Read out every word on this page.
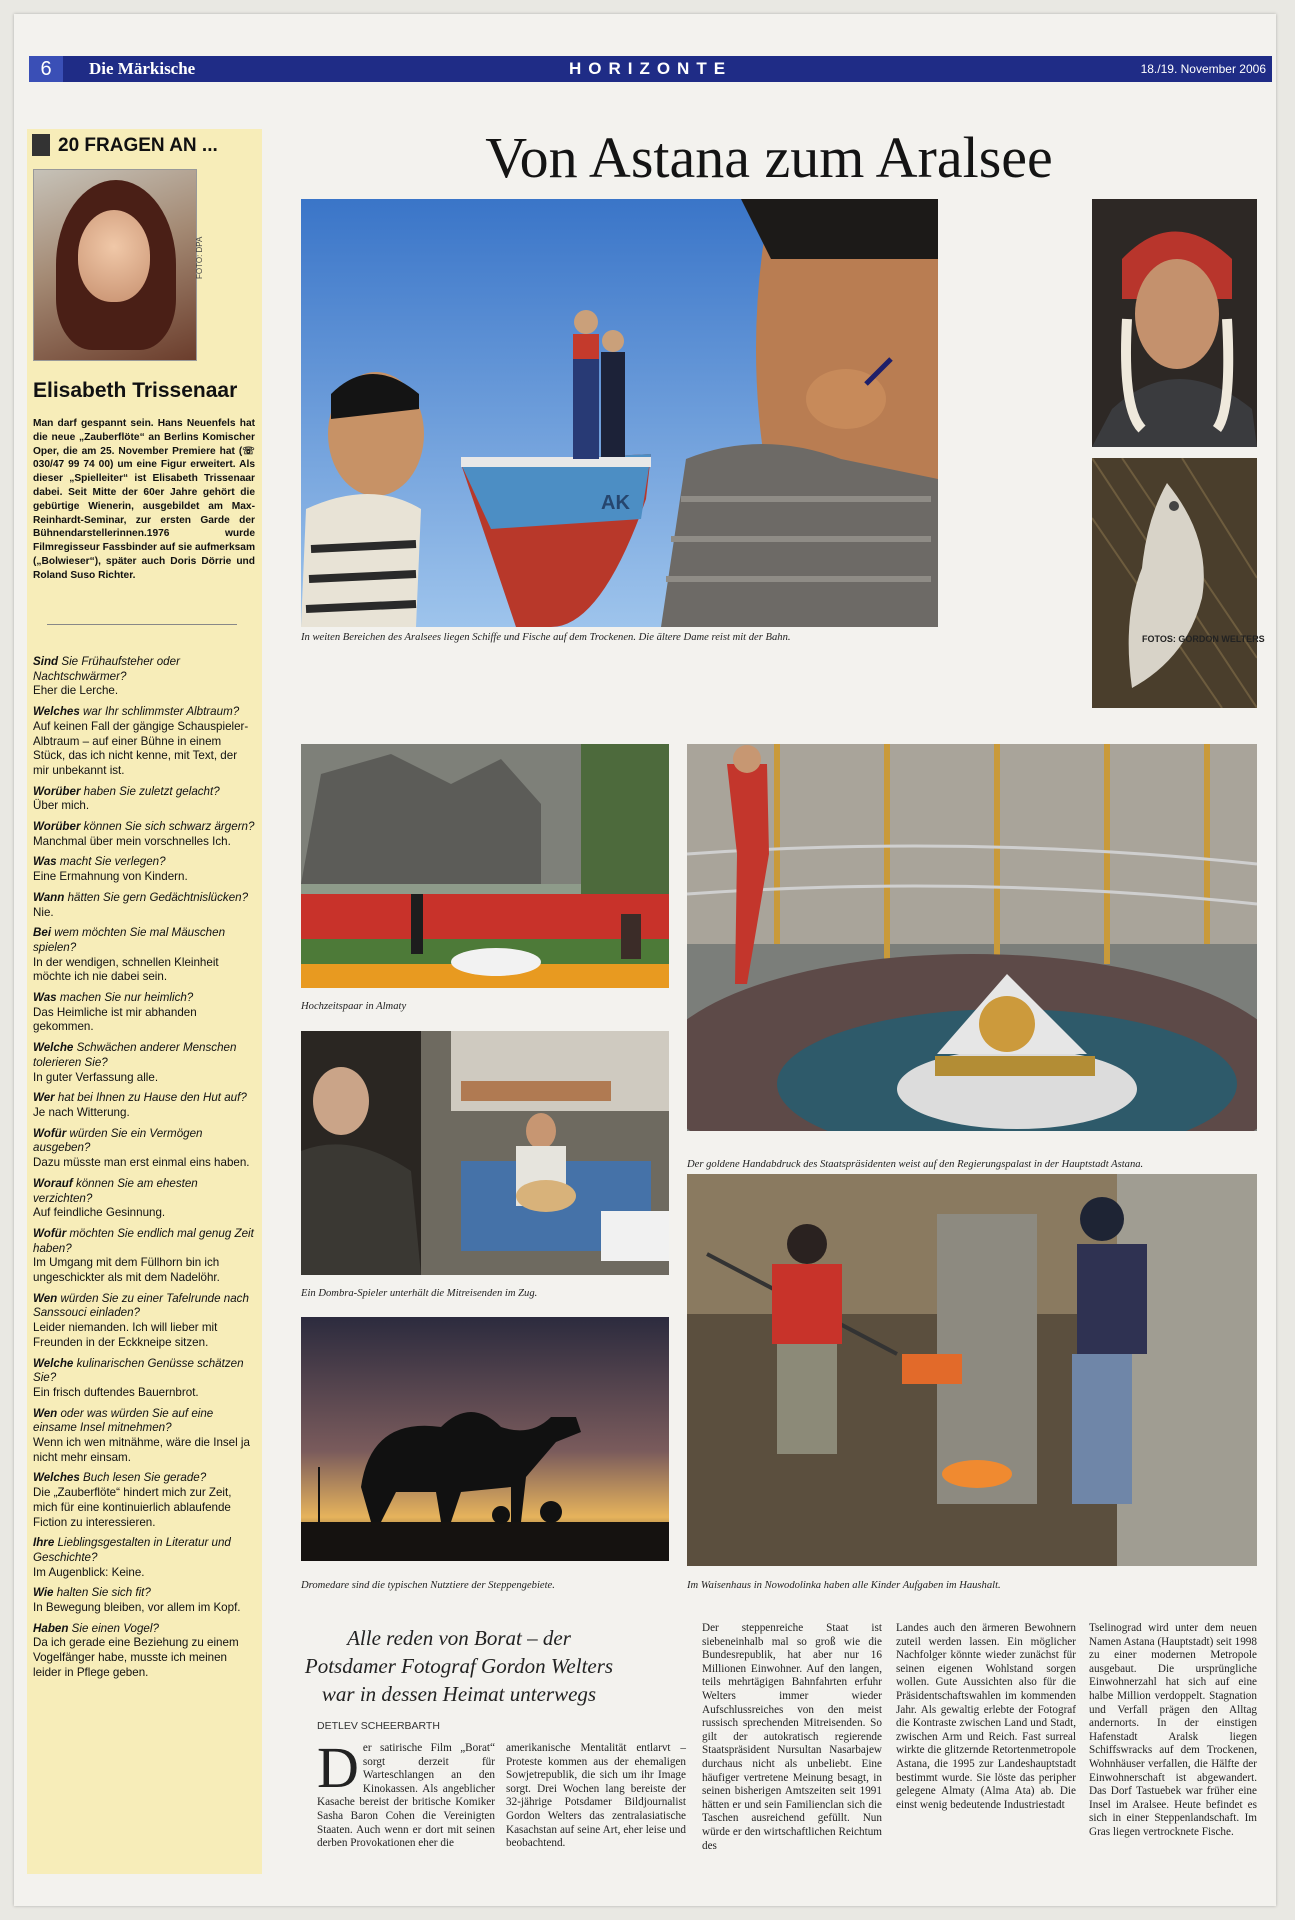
6	Die Märkische	HORIZONTE	18./19. November 2006
20 FRAGEN AN ...
FOTO: DPA
Elisabeth Trissenaar
Man darf gespannt sein. Hans Neuenfels hat die neue „Zauberflöte“ an Berlins Komischer Oper, die am 25. November Premiere hat (☏ 030/47 99 74 00) um eine Figur erweitert. Als dieser „Spielleiter“ ist Elisabeth Trissenaar dabei. Seit Mitte der 60er Jahre gehört die gebürtige Wienerin, ausgebildet am Max-Reinhardt-Seminar, zur ersten Garde der Bühnendarstellerinnen.1976 wurde Filmregisseur Fassbinder auf sie aufmerksam („Bolwieser“), später auch Doris Dörrie und Roland Suso Richter.
Sind Sie Frühaufsteher oder Nachtschwärmer?
Eher die Lerche.
Welches war Ihr schlimmster Albtraum?
Auf keinen Fall der gängige Schauspieler-Albtraum – auf einer Bühne in einem Stück, das ich nicht kenne, mit Text, der mir unbekannt ist.
Worüber haben Sie zuletzt gelacht?
Über mich.
Worüber können Sie sich schwarz ärgern?
Manchmal über mein vorschnelles Ich.
Was macht Sie verlegen?
Eine Ermahnung von Kindern.
Wann hätten Sie gern Gedächtnislücken?
Nie.
Bei wem möchten Sie mal Mäuschen spielen?
In der wendigen, schnellen Kleinheit möchte ich nie dabei sein.
Was machen Sie nur heimlich?
Das Heimliche ist mir abhanden gekommen.
Welche Schwächen anderer Menschen tolerieren Sie?
In guter Verfassung alle.
Wer hat bei Ihnen zu Hause den Hut auf?
Je nach Witterung.
Wofür würden Sie ein Vermögen ausgeben?
Dazu müsste man erst einmal eins haben.
Worauf können Sie am ehesten verzichten?
Auf feindliche Gesinnung.
Wofür möchten Sie endlich mal genug Zeit haben?
Im Umgang mit dem Füllhorn bin ich ungeschickter als mit dem Nadelöhr.
Wen würden Sie zu einer Tafelrunde nach Sanssouci einladen?
Leider niemanden. Ich will lieber mit Freunden in der Eckkneipe sitzen.
Welche kulinarischen Genüsse schätzen Sie?
Ein frisch duftendes Bauernbrot.
Wen oder was würden Sie auf eine einsame Insel mitnehmen?
Wenn ich wen mitnähme, wäre die Insel ja nicht mehr einsam.
Welches Buch lesen Sie gerade?
Die „Zauberflöte“ hindert mich zur Zeit, mich für eine kontinuierlich ablaufende Fiction zu interessieren.
Ihre Lieblingsgestalten in Literatur und Geschichte?
Im Augenblick: Keine.
Wie halten Sie sich fit?
In Bewegung bleiben, vor allem im Kopf.
Haben Sie einen Vogel?
Da ich gerade eine Beziehung zu einem Vogelfänger habe, musste ich meinen leider in Pflege geben.
Von Astana zum Aralsee
AK
In weiten Bereichen des Aralsees liegen Schiffe und Fische auf dem Trockenen. Die ältere Dame reist mit der Bahn.	FOTOS: GORDON WELTERS
Hochzeitspaar in Almaty
Der goldene Handabdruck des Staatspräsidenten weist auf den Regierungspalast in der Hauptstadt Astana.
Ein Dombra-Spieler unterhält die Mitreisenden im Zug.
Dromedare sind die typischen Nutztiere der Steppengebiete.	Im Waisenhaus in Nowodolinka haben alle Kinder Aufgaben im Haushalt.
Alle reden von Borat – der Potsdamer Fotograf Gordon Welters war in dessen Heimat unterwegs
DETLEV SCHEERBARTH
Der satirische Film „Borat“ sorgt derzeit für Warteschlangen an den Kinokassen. Als angeblicher Kasache bereist der britische Komiker Sasha Baron Cohen die Vereinigten Staaten. Auch wenn er dort mit seinen derben Provokationen eher die
amerikanische Mentalität entlarvt – Proteste kommen aus der ehemaligen Sowjetrepublik, die sich um ihr Image sorgt. Drei Wochen lang bereiste der 32-jährige Potsdamer Bildjournalist Gordon Welters das zentralasiatische Kasachstan auf seine Art, eher leise und beobachtend.
Der steppenreiche Staat ist siebeneinhalb mal so groß wie die Bundesrepublik, hat aber nur 16 Millionen Einwohner. Auf den langen, teils mehrtägigen Bahnfahrten erfuhr Welters immer wieder Aufschlussreiches von den meist russisch sprechenden Mitreisenden. So gilt der autokratisch regierende Staatspräsident Nursultan Nasarbajew durchaus nicht als unbeliebt. Eine häufiger vertretene Meinung besagt, in seinen bisherigen Amtszeiten seit 1991 hätten er und sein Familienclan sich die Taschen ausreichend gefüllt. Nun würde er den wirtschaftlichen Reichtum des
Landes auch den ärmeren Bewohnern zuteil werden lassen. Ein möglicher Nachfolger könnte wieder zunächst für seinen eigenen Wohlstand sorgen wollen. Gute Aussichten also für die Präsidentschaftswahlen im kommenden Jahr. Als gewaltig erlebte der Fotograf die Kontraste zwischen Land und Stadt, zwischen Arm und Reich. Fast surreal wirkte die glitzernde Retortenmetropole Astana, die 1995 zur Landeshauptstadt bestimmt wurde. Sie löste das peripher gelegene Almaty (Alma Ata) ab. Die einst wenig bedeutende Industriestadt
Tselinograd wird unter dem neuen Namen Astana (Hauptstadt) seit 1998 zu einer modernen Metropole ausgebaut. Die ursprüngliche Einwohnerzahl hat sich auf eine halbe Million verdoppelt. Stagnation und Verfall prägen den Alltag andernorts. In der einstigen Hafenstadt Aralsk liegen Schiffswracks auf dem Trockenen, Wohnhäuser verfallen, die Hälfte der Einwohnerschaft ist abgewandert. Das Dorf Tastuebek war früher eine Insel im Aralsee. Heute befindet es sich in einer Steppenlandschaft. Im Gras liegen vertrocknete Fische.
